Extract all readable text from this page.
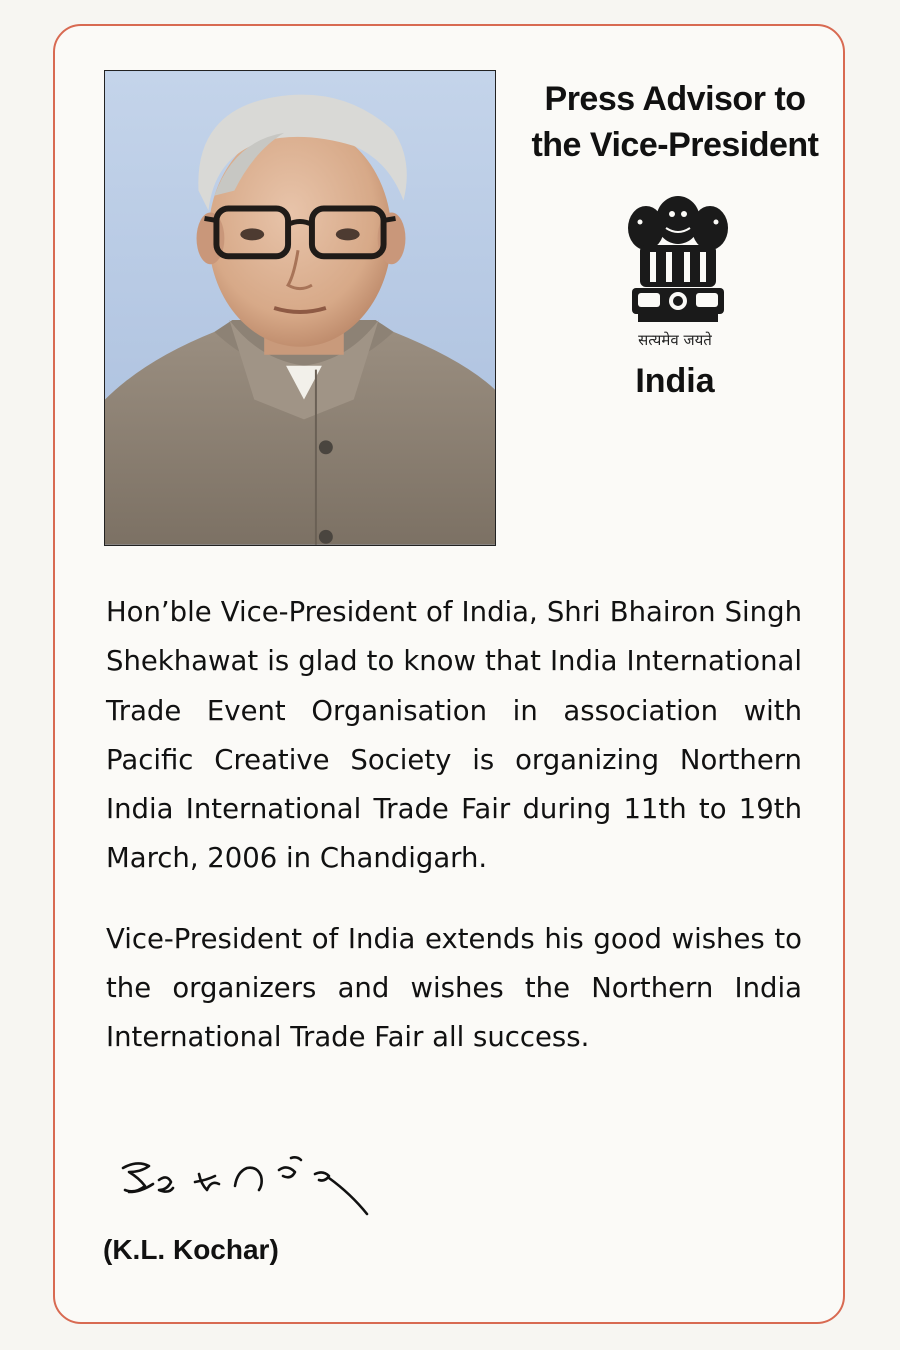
Press Advisor to
the Vice-President
सत्यमेव जयते
India

Hon’ble Vice-President of India, Shri Bhairon Singh Shekhawat is glad to know that India International Trade Event Organisation in association with Pacific Creative Society is organizing Northern India International Trade Fair during 11th to 19th March, 2006 in Chandigarh.

Vice-President of India extends his good wishes to the organizers and wishes the Northern India International Trade Fair all success.

(K.L. Kochar)
